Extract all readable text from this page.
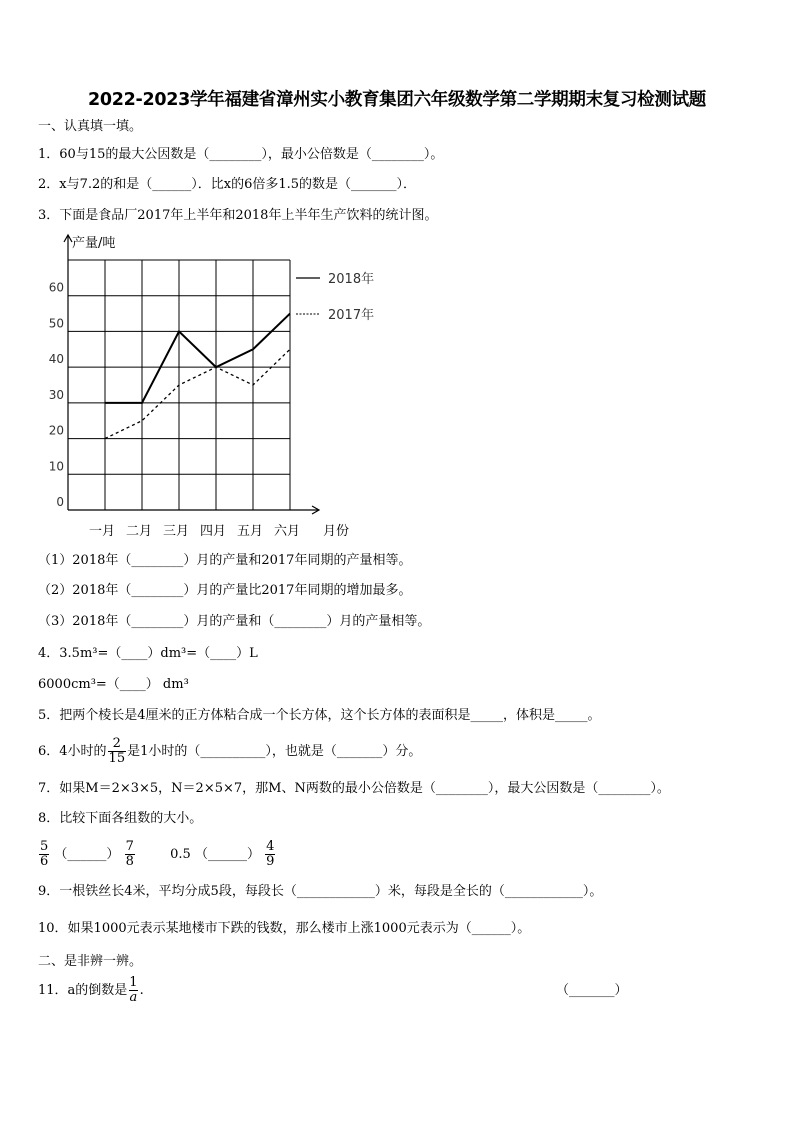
2022-2023学年福建省漳州实小教育集团六年级数学第二学期期末复习检测试题
一、认真填一填。
1．60与15的最大公因数是（________），最小公倍数是（________）。
2．x与7.2的和是（______）．比x的6倍多1.5的数是（_______）．
3．下面是食品厂2017年上半年和2018年上半年生产饮料的统计图。
0
10
20
30
40
50
60
一月 二月 三月 四月 五月 六月
2018年
2017年
产量/吨
月份
（1）2018年（________）月的产量和2017年同期的产量相等。
（2）2018年（________）月的产量比2017年同期的增加最多。
（3）2018年（________）月的产量和（________）月的产量相等。
4．3.5m³=（____）dm³=（____）L
6000cm³=（____） dm³
5．把两个棱长是4厘米的正方体粘合成一个长方体，这个长方体的表面积是_____，体积是_____。
6．4小时的 $\frac{2}{15}$ 是1小时的（__________），也就是（_______）分。
7．如果M＝2×3×5，N＝2×5×7，那M、N两数的最小公倍数是（________），最大公因数是（________）。
8．比较下面各组数的大小。
$\frac{5}{6}$ （______） $\frac{7}{8}$	0.5 （______） $\frac{4}{9}$
9．一根铁丝长4米，平均分成5段，每段长（____________）米，每段是全长的（____________）。
10．如果1000元表示某地楼市下跌的钱数，那么楼市上涨1000元表示为（______）。
二、是非辨一辨。
11．a的倒数是 $\frac{1}{a}$ .	（_______）
